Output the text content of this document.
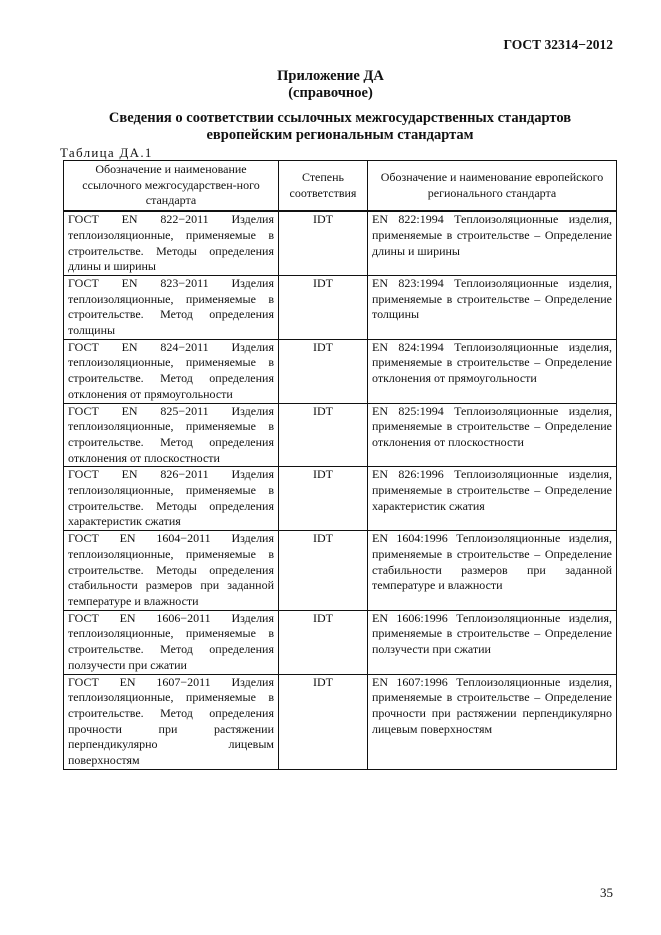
ГОСТ 32314−2012
Приложение ДА
(справочное)
Сведения о соответствии ссылочных межгосударственных стандартов
европейским региональным стандартам
Таблица ДА.1
Обозначение и наименование ссылочного межгосударствен-ного стандарта	Степень соответствия	Обозначение и наименование европейского регионального стандарта
ГОСТ EN 822−2011 Изделия теплоизоляционные, применяемые в строительстве. Методы определения длины и ширины	IDT	EN 822:1994 Теплоизоляционные изделия, применяемые в строительстве – Определение длины и ширины
ГОСТ EN 823−2011 Изделия теплоизоляционные, применяемые в строительстве. Метод определения толщины	IDT	EN 823:1994 Теплоизоляционные изделия, применяемые в строительстве – Определение толщины
ГОСТ EN 824−2011 Изделия теплоизоляционные, применяемые в строительстве. Метод определения отклонения от прямоугольности	IDT	EN 824:1994 Теплоизоляционные изделия, применяемые в строительстве – Определение отклонения от прямоугольности
ГОСТ EN 825−2011 Изделия теплоизоляционные, применяемые в строительстве. Метод определения отклонения от плоскостности	IDT	EN 825:1994 Теплоизоляционные изделия, применяемые в строительстве – Определение отклонения от плоскостности
ГОСТ EN 826−2011 Изделия теплоизоляционные, применяемые в строительстве. Методы определения характеристик сжатия	IDT	EN 826:1996 Теплоизоляционные изделия, применяемые в строительстве – Определение характеристик сжатия
ГОСТ EN 1604−2011 Изделия теплоизоляционные, применяемые в строительстве. Методы определения стабильности размеров при заданной температуре и влажности	IDT	EN 1604:1996 Теплоизоляционные изделия, применяемые в строительстве – Определение стабильности размеров при заданной температуре и влажности
ГОСТ EN 1606−2011 Изделия теплоизоляционные, применяемые в строительстве. Метод определения ползучести при сжатии	IDT	EN 1606:1996 Теплоизоляционные изделия, применяемые в строительстве – Определение ползучести при сжатии
ГОСТ EN 1607−2011 Изделия теплоизоляционные, применяемые в строительстве. Метод определения прочности при растяжении перпендикулярно лицевым поверхностям	IDT	EN 1607:1996 Теплоизоляционные изделия, применяемые в строительстве – Определение прочности при растяжении перпендикулярно лицевым поверхностям
35
